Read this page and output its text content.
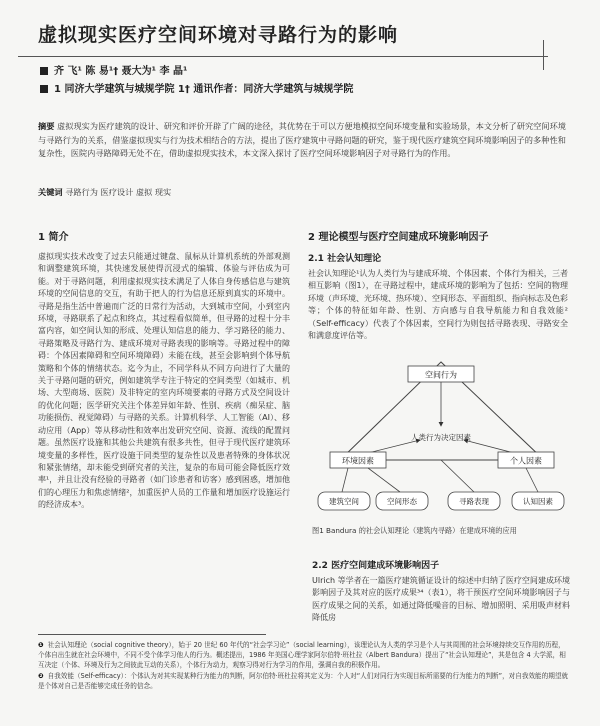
虚拟现实医疗空间环境对寻路行为的影响
齐 飞¹ 陈 易¹† 聂大为¹ 李 晶¹
1 同济大学建筑与城规学院 1† 通讯作者：同济大学建筑与城规学院
摘要 虚拟现实为医疗建筑的设计、研究和评价开辟了广阔的途径，其优势在于可以方便地模拟空间环境变量和实验场景，本文分析了研究空间环境与寻路行为的关系，借鉴虚拟现实与行为技术相结合的方法，提出了医疗建筑中寻路问题的研究，鉴于现代医疗建筑空间环境影响因子的多种性和复杂性，医院内寻路障碍无处不在，借助虚拟现实技术，本文深入探讨了医疗空间环境影响因子对寻路行为的作用。
关键词 寻路行为 医疗设计 虚拟 现实
1 简介
虚拟现实技术改变了过去只能通过键盘、鼠标从计算机系统的外部观测和调整建筑环境，其快速发展使得沉浸式的编辑、体验与评估成为可能。对于寻路问题，利用虚拟现实技术满足了人体自身传感信息与建筑环境的空间信息的交互，有助于把人的行为信息还原到真实的环境中。寻路是指生活中普遍而广泛的日常行为活动，大到城市空间，小到室内环境，寻路联系了起点和终点，其过程看似简单，但寻路的过程十分丰富内容，如空间认知的形成、处理认知信息的能力、学习路径的能力、寻路策略及寻路行为、建成环境对寻路表现的影响等。寻路过程中的障碍：个体因素障碍和空间环境障碍）未能在线，甚至会影响到个体导航策略和个体的情绪状态。迄今为止，不同学科从不同方向进行了大量的关于寻路问题的研究，例如建筑学专注于特定的空间类型（如城市、机场、大型商场、医院）及非特定的室内环境要素的寻路方式及空间设计的优化问题；医学研究关注个体差异如年龄、性别、疾病（痴呆症、脑功能损伤、视觉障碍）与寻路的关系。计算机科学、人工智能（AI）、移动应用（App）等从移动性和效率出发研究空间、资源、流线的配置问题。虽然医疗设施和其他公共建筑有很多共性，但寻于现代医疗建筑环境变量的多样性，医疗设施于同类型的复杂性以及患者特殊的身体状况和紧张情绪，却未能受到研究者的关注，复杂的布局可能会降低医疗效率¹，并且让没有经验的寻路者（如门诊患者和访客）感到困惑，增加他们的心理压力和焦虑情绪²，加重医护人员的工作量和增加医疗设施运行的经济成本³。
2 理论模型与医疗空间建成环境影响因子
2.1 社会认知理论
社会认知理论¹认为人类行为与建成环境、个体因素、个体行为相关，三者相互影响（图1），在寻路过程中，建成环境的影响为了包括：空间的物理环境（声环境、光环境、热环境）、空间形态、平面组织、指向标志及色彩等；个体的特征如年龄、性别、方向感与自我导航能力和自我效能²（Self-efficacy）代表了个体因素，空间行为则包括寻路表现、寻路安全和满意度评估等。
空间行为
人类行为决定因素
环境因素	个人因素
建筑空间	空间形态	寻路表现	认知因素
图1 Bandura 的社会认知理论（建筑内寻路）在建成环境的应用
2.2 医疗空间建成环境影响因子
Ulrich 等学者在一篇医疗建筑循证设计的综述中归纳了医疗空间建成环境影响因子及其对应的医疗成果³⁴（表1），将干预医疗空间环境影响因子与医疗成果之间的关系，如通过降低噪音的目标、增加照明、采用吸声材料降低房
❶ 社会认知理论（social cognitive theory），始于 20 世纪 60 年代的“社会学习论”（social learning），该理论认为人类的学习是个人与其周围的社会环境持续交互作用的历程，个体自出生就在社会环境中，不同不受个体学习他人的行为。概述提出，1986 年美国心理学家阿尔伯特·班杜拉（Albert Bandura）提出了“社会认知理论”，其是包含 4 大学派，相互决定（个体、环境及行为之间彼此互动的关系），个体行为动力，观察习得对行为学习的作用，强调自我的积极作用。
❷ 自我效能（Self-efficacy）：个体认为对其实现某种行为能力的判断，阿尔伯特·班杜拉将其定义为：个人对“人们对同行为实现目标所需要的行为能力的判断”，对自我效能的期望就是个体对自己是否能够完成任务的信念。
